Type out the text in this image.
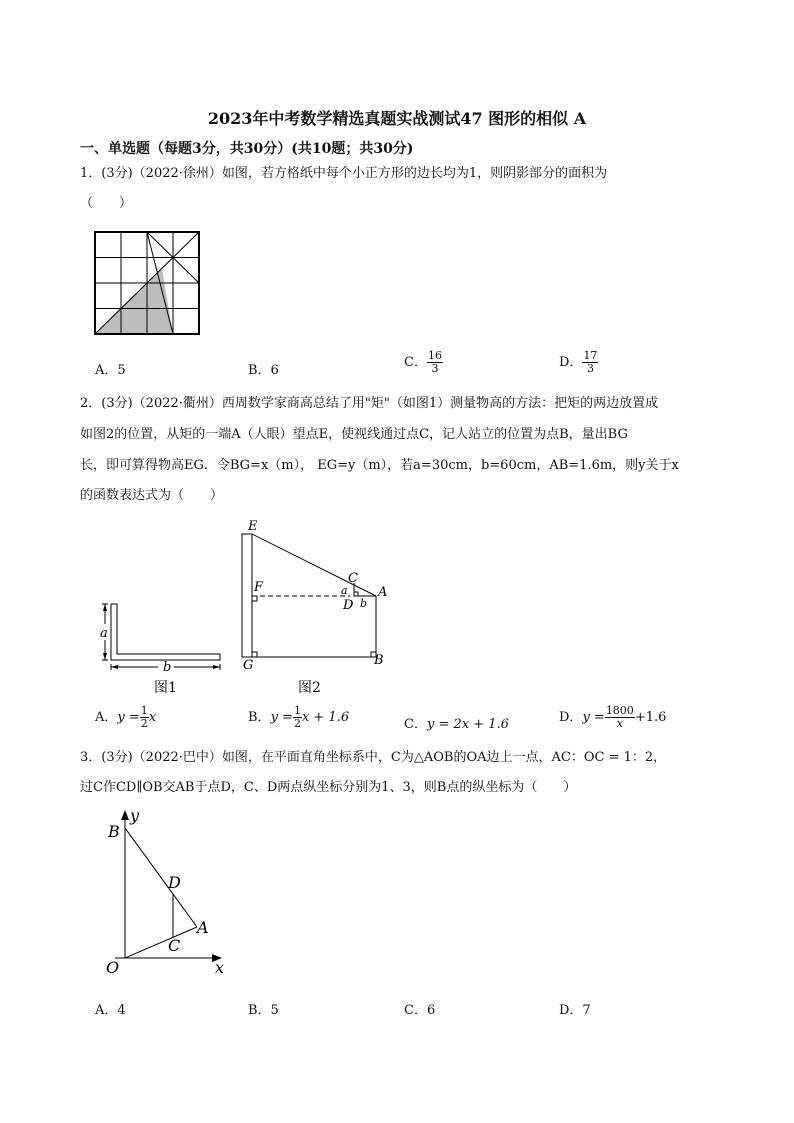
2023年中考数学精选真题实战测试47 图形的相似 A
一、单选题（每题3分，共30分）(共10题；共30分)
1．(3分)（2022·徐州）如图，若方格纸中每个小正方形的边长均为1，则阴影部分的面积为
（　　）
A．5	B．6
C． $\frac{16}{3}$	D． $\frac{17}{3}$
2．(3分)（2022·衢州）西周数学家商高总结了用"矩"（如图1）测量物高的方法：把矩的两边放置成
如图2的位置，从矩的一端A（人眼）望点E，使视线通过点C，记人站立的位置为点B，量出BG
长，即可算得物高EG．令BG=x（m）， EG=y（m），若a=30cm，b=60cm，AB=1.6m，则y关于x
的函数表达式为（　　）
a
b
图1
E
F
C
A
a
D b
G	B
图2
A．$y = \frac{1}{2}$ x	B．$y = \frac{1}{2}$ x + 1.6	C．y = 2x + 1.6	D．$y = \frac{1800}{x} +1.6$
3．(3分)（2022·巴中）如图，在平面直角坐标系中，C为△AOB的OA边上一点，AC：OC = 1：2，
过C作CD∥OB交AB于点D，C、D两点纵坐标分别为1、3，则B点的纵坐标为（　　）
B
y
D
A
C
O	x
A．4	B．5	C．6	D．7
